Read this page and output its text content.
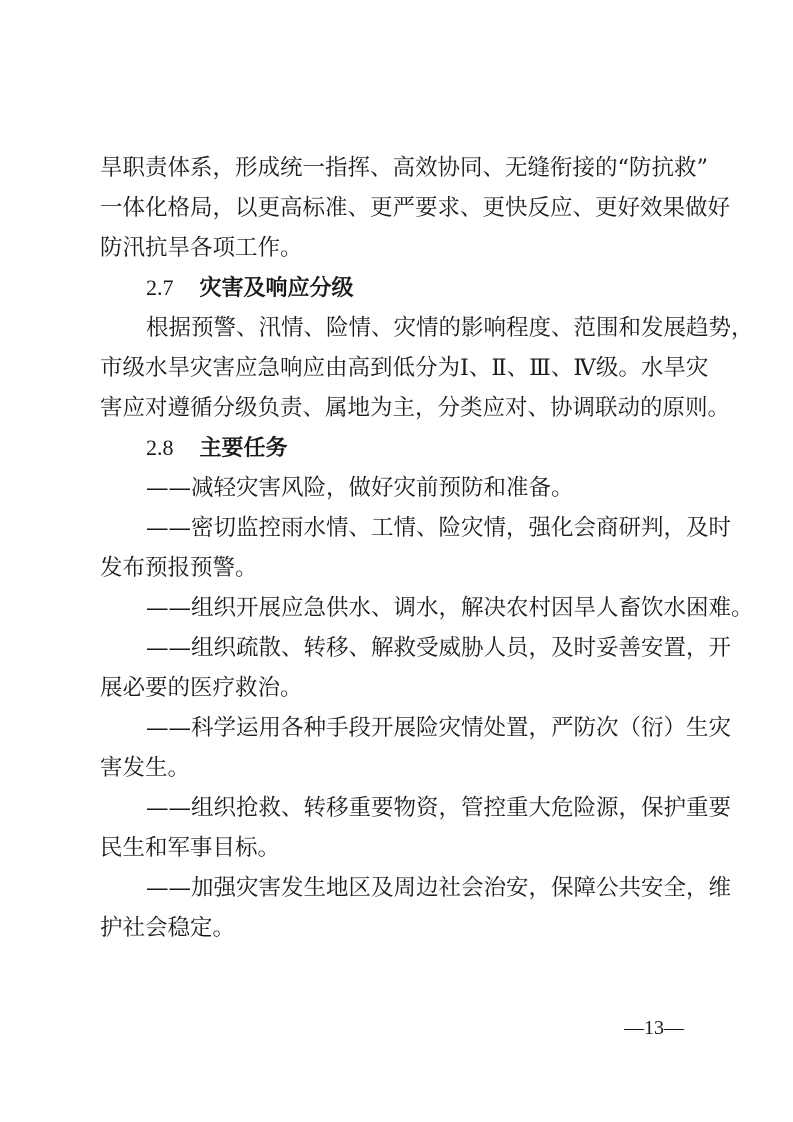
旱职责体系，形成统一指挥、高效协同、无缝衔接的“防抗救”
一体化格局，以更高标准、更严要求、更快反应、更好效果做好
防汛抗旱各项工作。
2.7 灾害及响应分级
根据预警、汛情、险情、灾情的影响程度、范围和发展趋势，
市级水旱灾害应急响应由高到低分为Ⅰ、Ⅱ、Ⅲ、Ⅳ级。水旱灾
害应对遵循分级负责、属地为主，分类应对、协调联动的原则。
2.8 主要任务
——减轻灾害风险，做好灾前预防和准备。
——密切监控雨水情、工情、险灾情，强化会商研判，及时
发布预报预警。
——组织开展应急供水、调水，解决农村因旱人畜饮水困难。
——组织疏散、转移、解救受威胁人员，及时妥善安置，开
展必要的医疗救治。
——科学运用各种手段开展险灾情处置，严防次（衍）生灾
害发生。
——组织抢救、转移重要物资，管控重大危险源，保护重要
民生和军事目标。
——加强灾害发生地区及周边社会治安，保障公共安全，维
护社会稳定。
—13—
